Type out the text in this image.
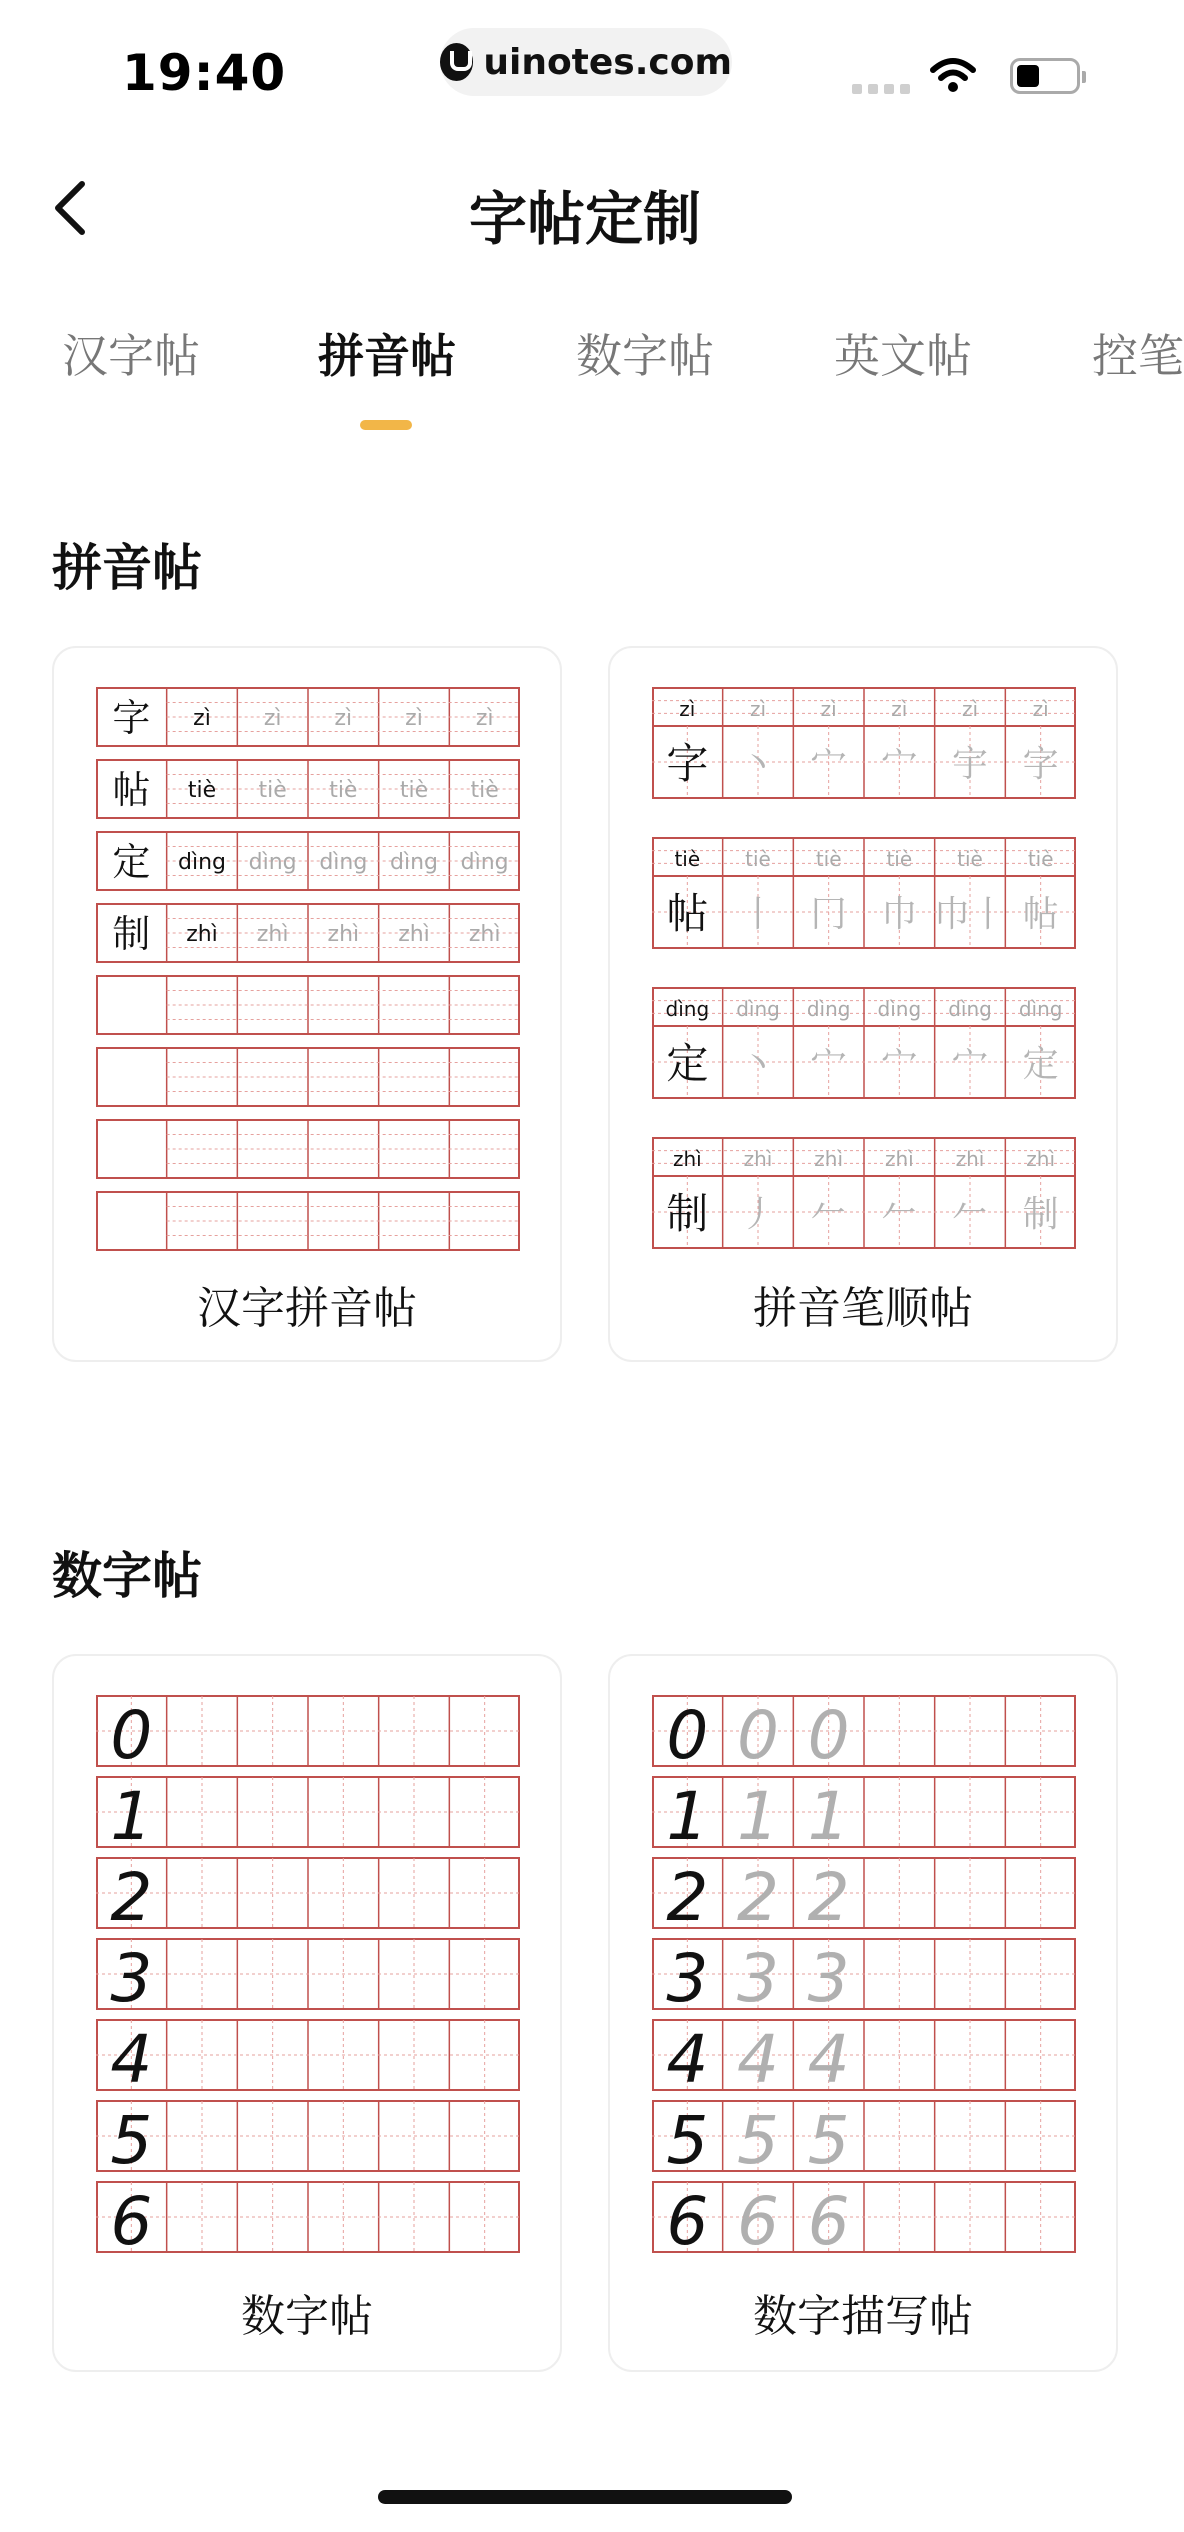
19:40	uinotes.com
字帖定制
汉字帖	拼音帖	数字帖	英文帖	控笔
拼音帖
字 zì zì zì zì zì
帖 tiè tiè tiè tiè tiè
定 dìng dìng dìng dìng dìng
制 zhì zhì zhì zhì zhì
汉字拼音帖
zì	zì	zì	zì	zì	zì
字 丶 宀 宀 宇 字
tiè tiè tiè tiè tiè tiè
帖 丨 冂 巾 巾丨 帖
dìng dìng dìng dìng dìng dìng
定 丶 宀 宀 宀 定
zhì zhì zhì zhì zhì zhì
制 丿 𠂉 𠂉 𠂉 制
拼音笔顺帖
数字帖
0
1
2
3
4
5
6
数字帖
0 0 0
1 1 1
2 2 2
3 3 3
4 4 4
5 5 5
6 6 6
数字描写帖
